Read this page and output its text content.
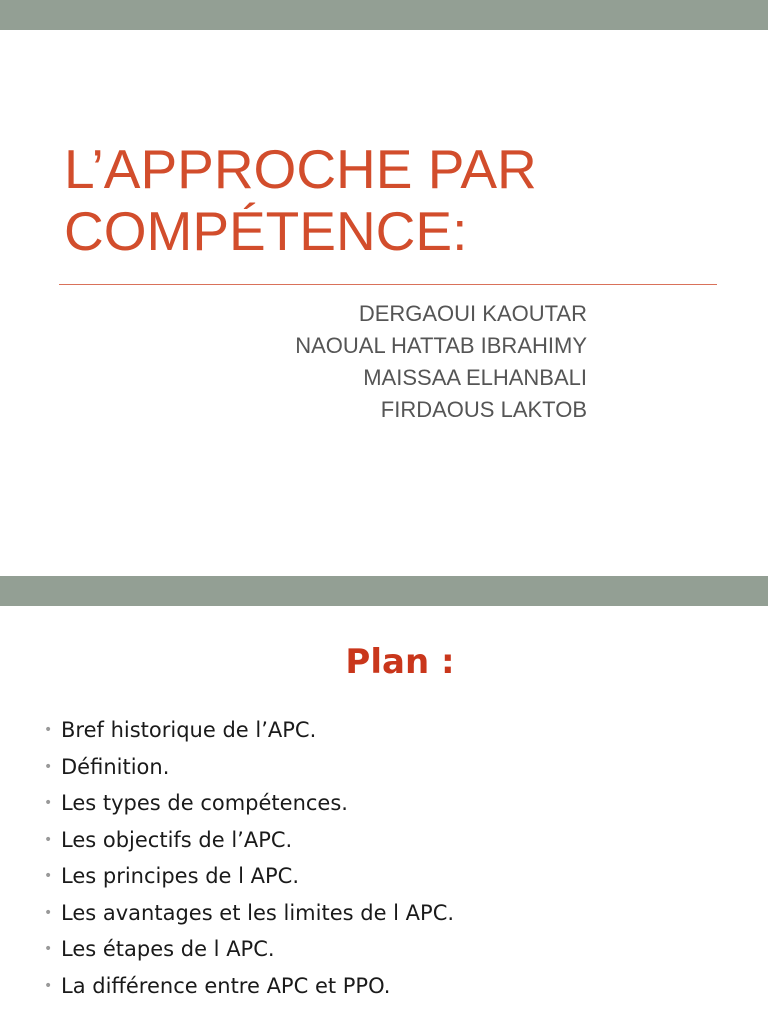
L’APPROCHE PAR
COMPÉTENCE:
DERGAOUI KAOUTAR
NAOUAL HATTAB IBRAHIMY
MAISSAA ELHANBALI
FIRDAOUS LAKTOB
Plan :
• Bref historique de l’APC.
• Définition.
• Les types de compétences.
• Les objectifs de l’APC.
• Les principes de l APC.
• Les avantages et les limites de l APC.
• Les étapes de l APC.
• La différence entre APC et PPO.
